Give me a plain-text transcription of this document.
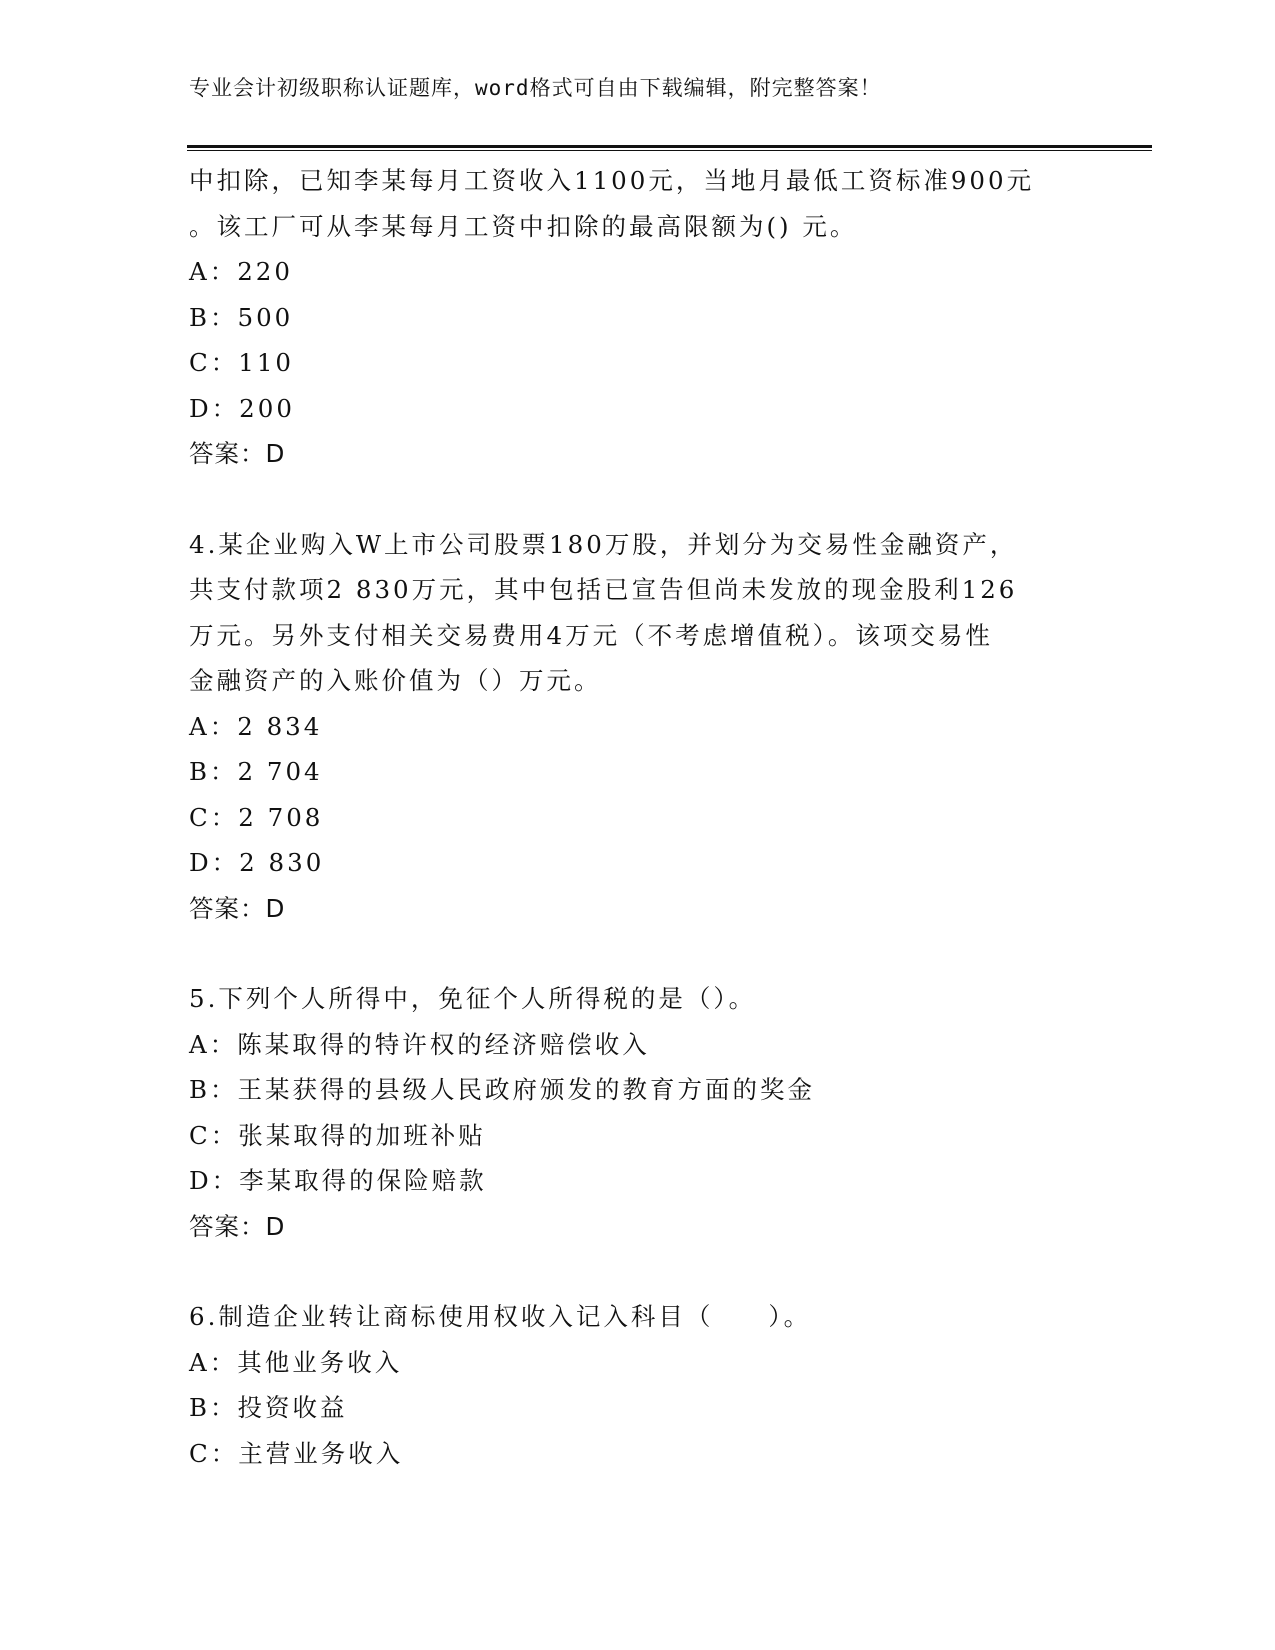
专业会计初级职称认证题库，word格式可自由下载编辑，附完整答案！
中扣除，已知李某每月工资收入1100元，当地月最低工资标准900元
。该工厂可从李某每月工资中扣除的最高限额为() 元。
A：220
B：500
C：110
D：200
答案：D
4.某企业购入W上市公司股票180万股，并划分为交易性金融资产，
共支付款项2 830万元，其中包括已宣告但尚未发放的现金股利126
万元。另外支付相关交易费用4万元（不考虑增值税）。该项交易性
金融资产的入账价值为（）万元。
A：2 834
B：2 704
C：2 708
D：2 830
答案：D
5.下列个人所得中，免征个人所得税的是（）。
A：陈某取得的特许权的经济赔偿收入
B：王某获得的县级人民政府颁发的教育方面的奖金
C：张某取得的加班补贴
D：李某取得的保险赔款
答案：D
6.制造企业转让商标使用权收入记入科目（　　）。
A：其他业务收入
B：投资收益
C：主营业务收入
